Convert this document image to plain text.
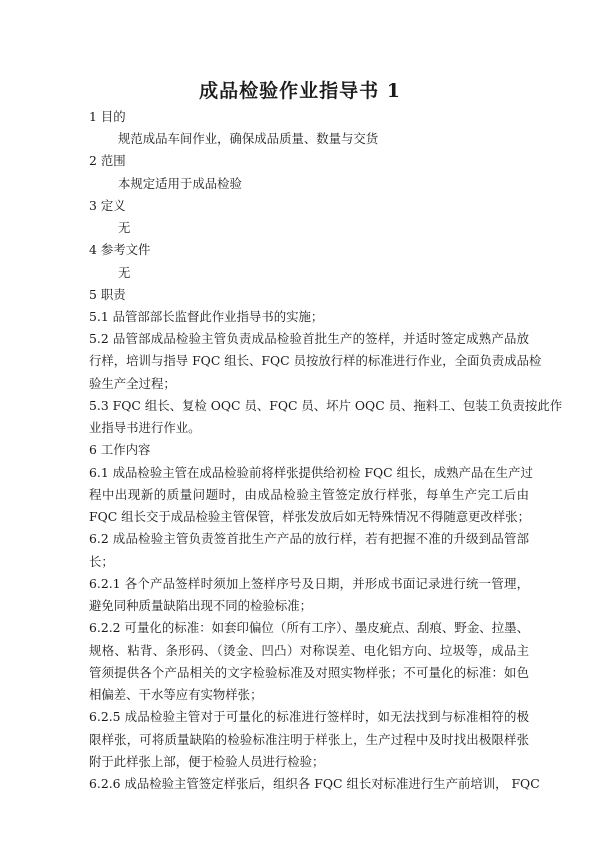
成品检验作业指导书 1
1 目的
规范成品车间作业，确保成品质量、数量与交货
2 范围
本规定适用于成品检验
3 定义
无
4 参考文件
无
5 职责
5.1 品管部部长监督此作业指导书的实施；
5.2 品管部成品检验主管负责成品检验首批生产的签样，并适时签定成熟产品放
行样，培训与指导 FQC 组长、FQC 员按放行样的标准进行作业，全面负责成品检
验生产全过程；
5.3 FQC 组长、复检 OQC 员、FQC 员、坏片 OQC 员、拖料工、包装工负责按此作
业指导书进行作业。
6 工作内容
6.1 成品检验主管在成品检验前将样张提供给初检 FQC 组长，成熟产品在生产过
程中出现新的质量问题时，由成品检验主管签定放行样张，每单生产完工后由
FQC 组长交于成品检验主管保管，样张发放后如无特殊情况不得随意更改样张；
6.2 成品检验主管负责签首批生产产品的放行样，若有把握不准的升级到品管部
长；
6.2.1 各个产品签样时须加上签样序号及日期，并形成书面记录进行统一管理，
避免同种质量缺陷出现不同的检验标准；
6.2.2 可量化的标准：如套印偏位（所有工序）、墨皮疵点、刮痕、野金、拉墨、
规格、粘背、条形码、（烫金、凹凸）对称误差、电化铝方向、垃圾等，成品主
管须提供各个产品相关的文字检验标准及对照实物样张；不可量化的标准：如色
相偏差、干水等应有实物样张；
6.2.5 成品检验主管对于可量化的标准进行签样时，如无法找到与标准相符的极
限样张，可将质量缺陷的检验标准注明于样张上，生产过程中及时找出极限样张
附于此样张上部，便于检验人员进行检验；
6.2.6 成品检验主管签定样张后，组织各 FQC 组长对标准进行生产前培训， FQC
